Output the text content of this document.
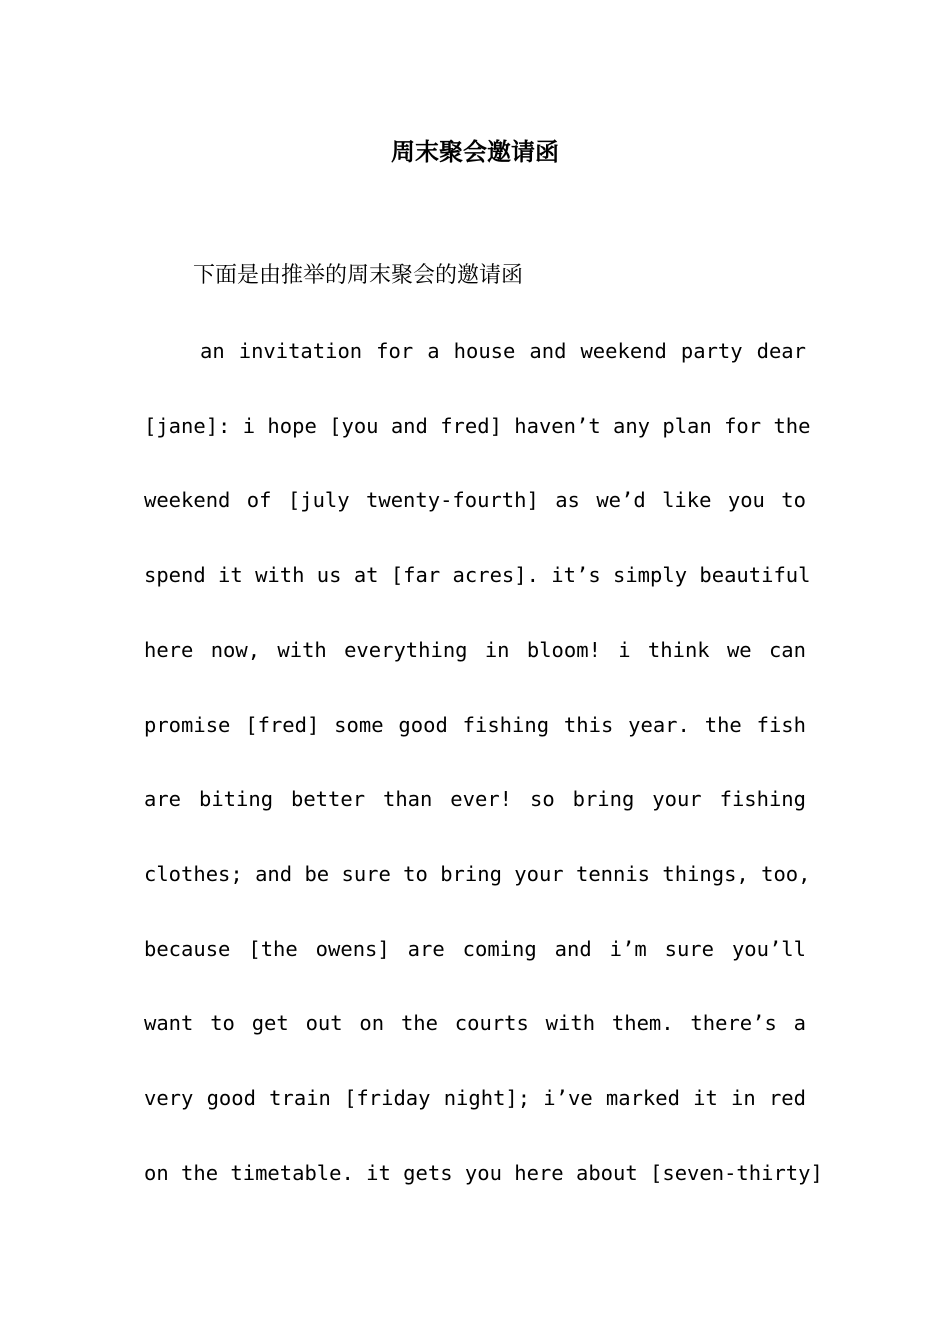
周末聚会邀请函
下面是由推举的周末聚会的邀请函
an invitation for a house and weekend party dear
[jane]: i hope [you and fred] haven’t any plan for the
weekend of [july twenty-fourth] as we’d like you to
spend it with us at [far acres]. it’s simply beautiful
here now, with everything in bloom! i think we can
promise [fred] some good fishing this year. the fish
are biting better than ever! so bring your fishing
clothes; and be sure to bring your tennis things, too,
because [the owens] are coming and i’m sure you’ll
want to get out on the courts with them. there’s a
very good train [friday night]; i’ve marked it in red
on the timetable. it gets you here about [seven-thirty]
